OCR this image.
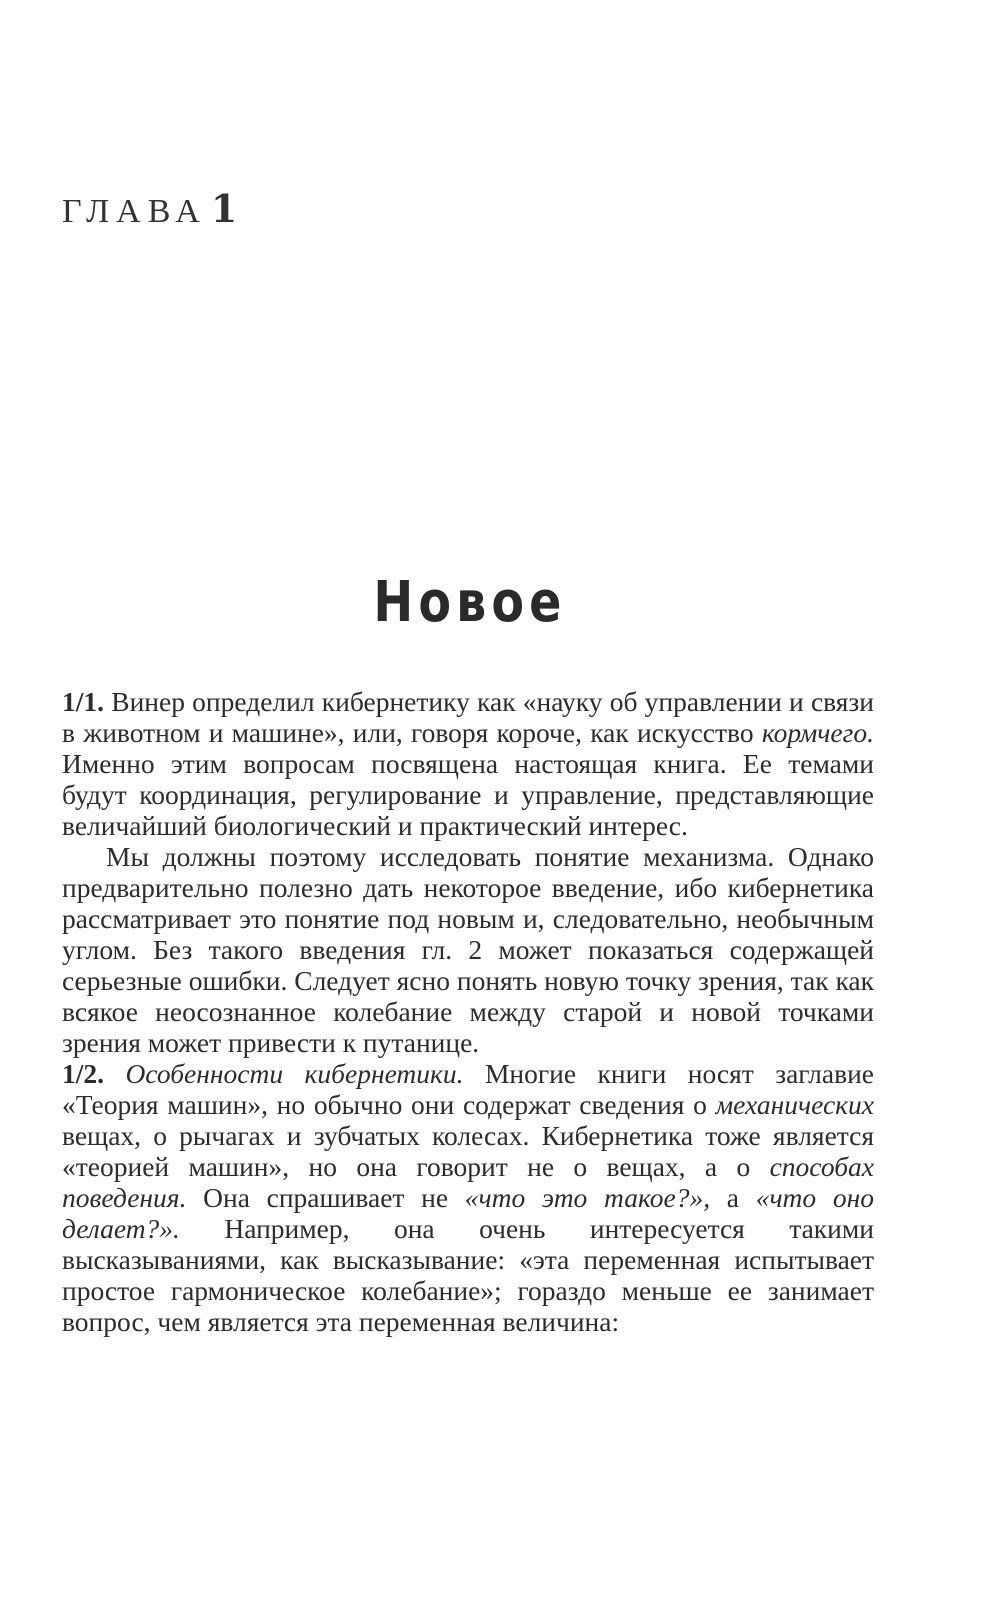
ГЛАВА 1
Новое

1/1. Винер определил кибернетику как «науку об управлении и связи в животном и машине», или, говоря короче, как искусство кормчего. Именно этим вопросам посвящена настоящая книга. Ее темами будут координация, регулирование и управление, представляющие величайший биологический и практический интерес.

Мы должны поэтому исследовать понятие механизма. Однако предварительно полезно дать некоторое введение, ибо кибернетика рассматривает это понятие под новым и, следовательно, необычным углом. Без такого введения гл. 2 может показаться содержащей серьезные ошибки. Следует ясно понять новую точку зрения, так как всякое неосознанное колебание между старой и новой точками зрения может привести к путанице.

1/2. Особенности кибернетики. Многие книги носят заглавие «Теория машин», но обычно они содержат сведения о механических вещах, о рычагах и зубчатых колесах. Кибернетика тоже является «теорией машин», но она говорит не о вещах, а о способах поведения. Она спрашивает не «что это такое?», а «что оно делает?». Например, она очень интересуется такими высказываниями, как высказывание: «эта переменная испытывает простое гармоническое колебание»; гораздо меньше ее занимает вопрос, чем является эта переменная величина:
